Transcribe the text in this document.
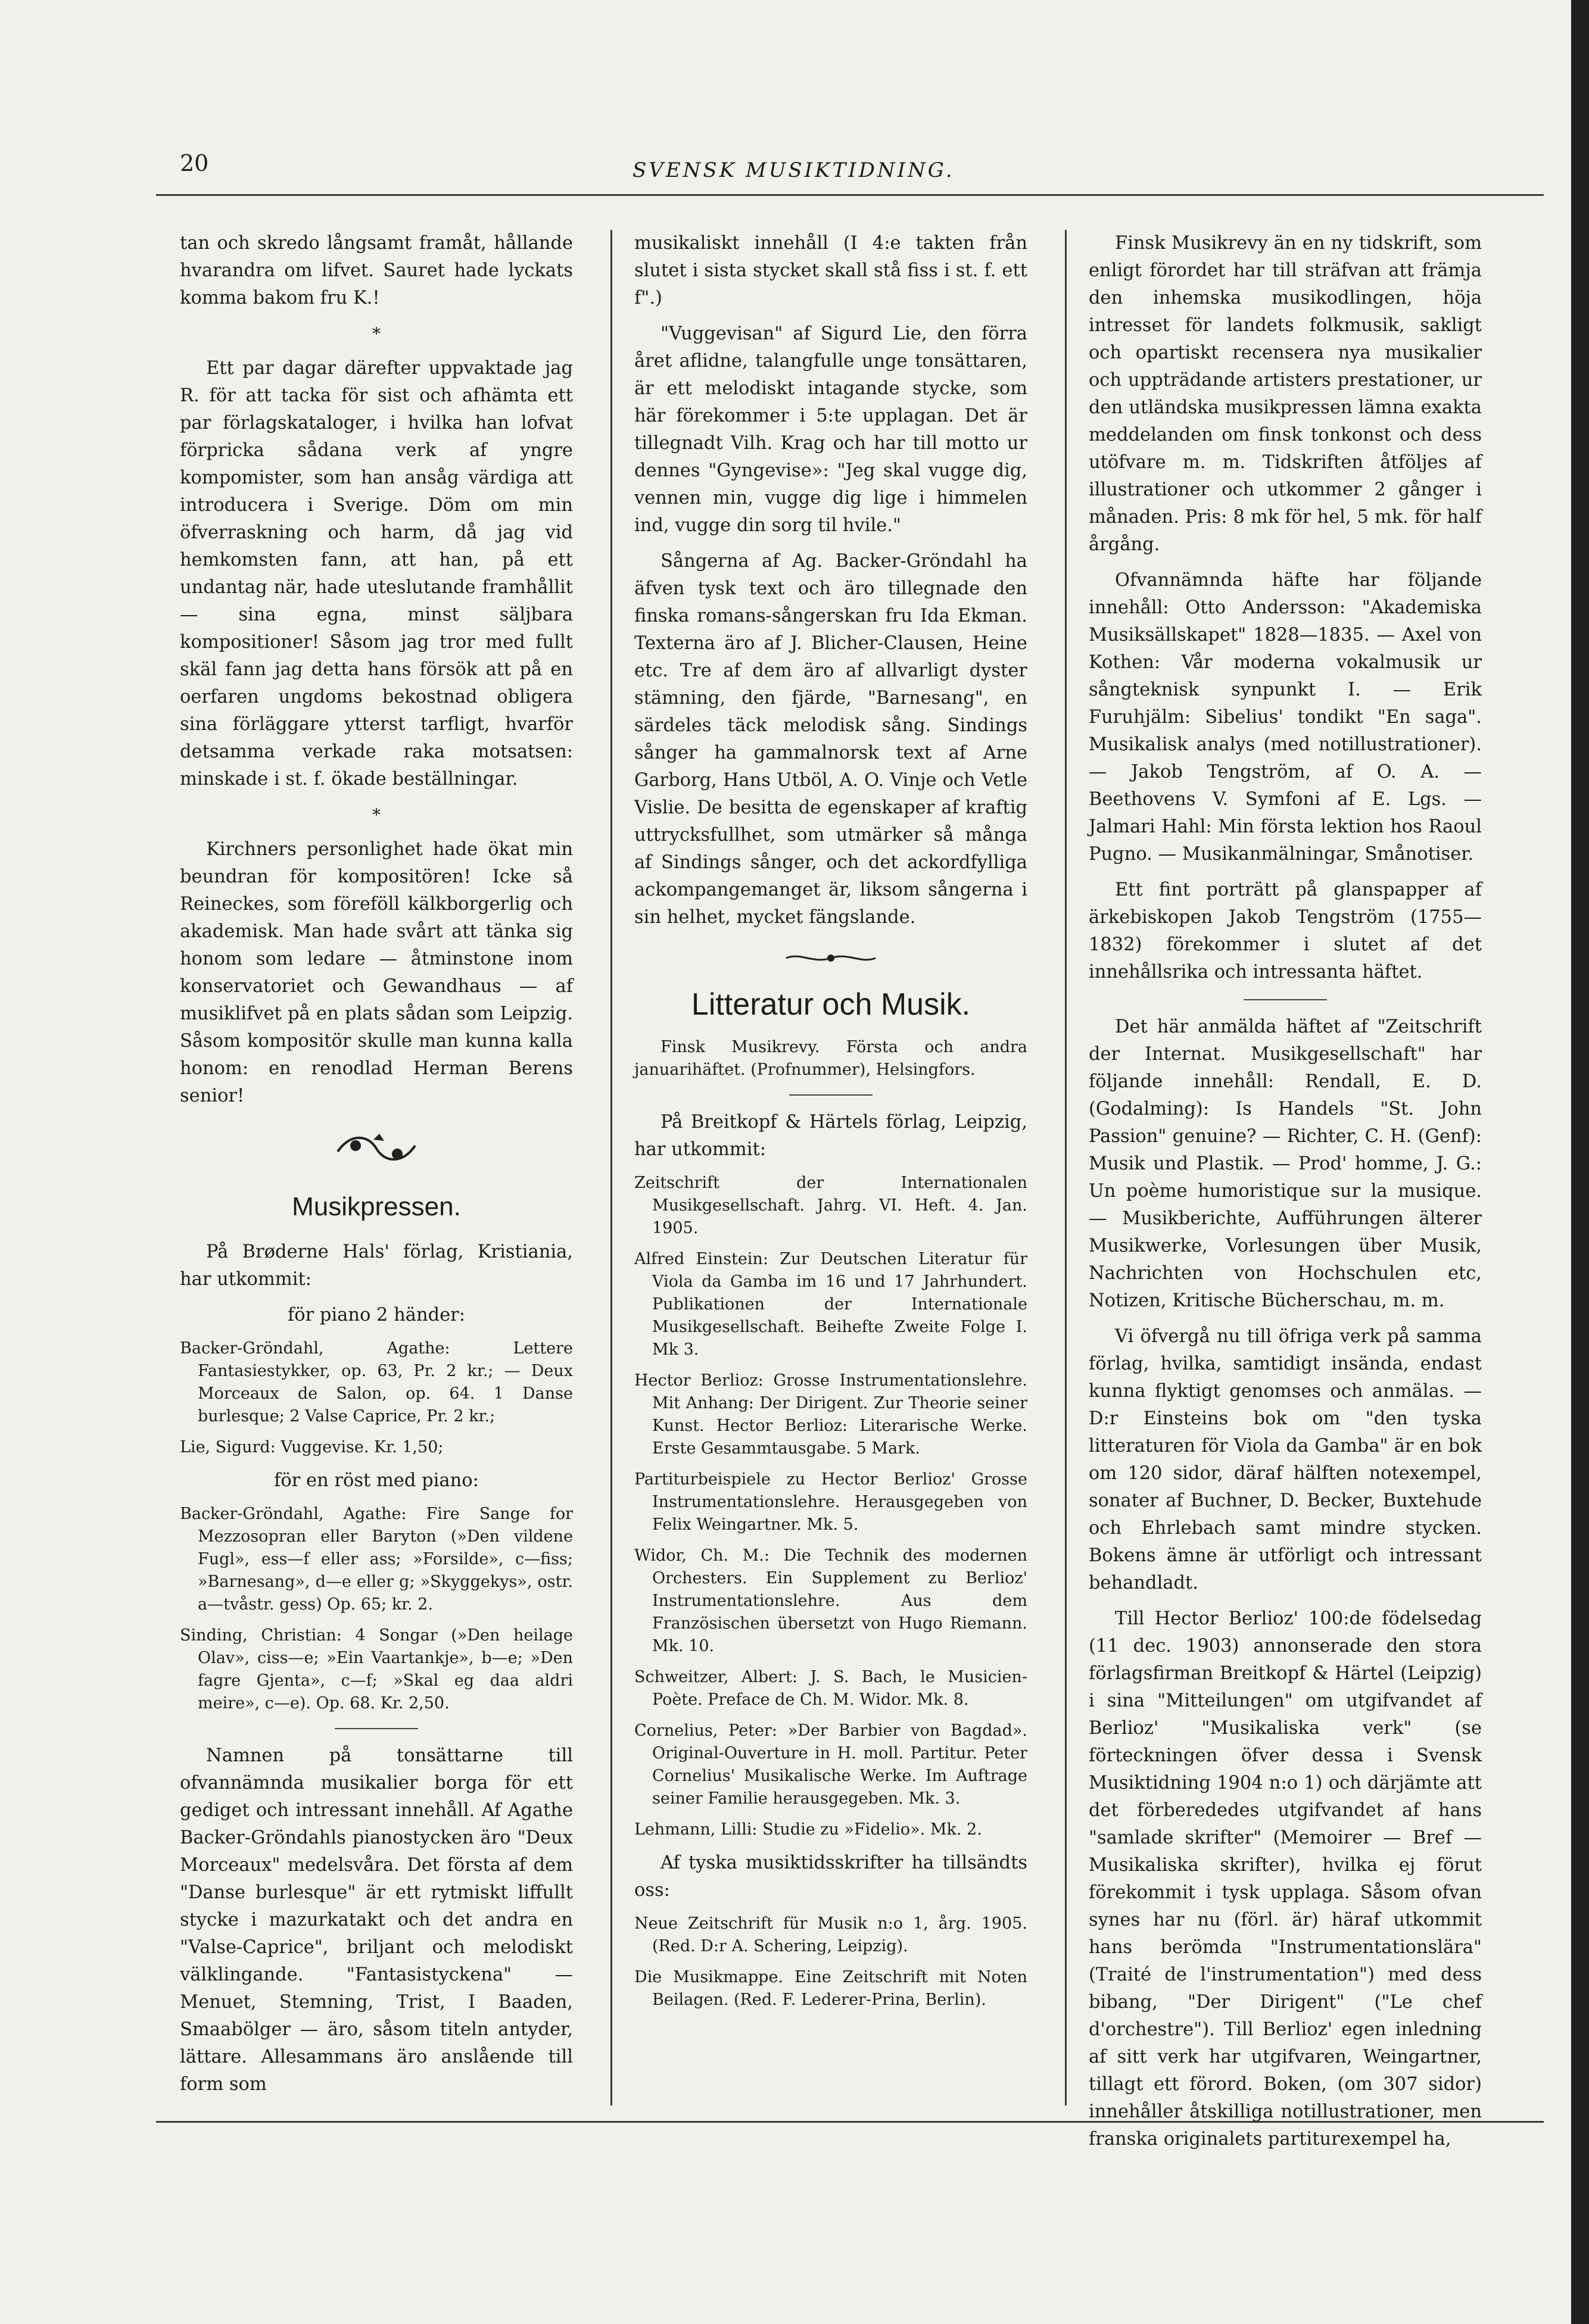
20	SVENSK MUSIKTIDNING.

tan och skredo långsamt framåt, hållande hvarandra om lifvet. Sauret hade lyckats komma bakom fru K.!

*

Ett par dagar därefter uppvaktade jag R. för att tacka för sist och afhämta ett par förlagskataloger, i hvilka han lofvat förpricka sådana verk af yngre kompomister, som han ansåg värdiga att introducera i Sverige. Döm om min öfverraskning och harm, då jag vid hemkomsten fann, att han, på ett undantag när, hade uteslutande framhållit — sina egna, minst säljbara kompositioner! Såsom jag tror med fullt skäl fann jag detta hans försök att på en oerfaren ungdoms bekostnad obligera sina förläggare ytterst tarfligt, hvarför detsamma verkade raka motsatsen: minskade i st. f. ökade beställningar.

*

Kirchners personlighet hade ökat min beundran för kompositören! Icke så Reineckes, som föreföll kälkborgerlig och akademisk. Man hade svårt att tänka sig honom som ledare — åtminstone inom konservatoriet och Gewandhaus — af musiklifvet på en plats sådan som Leipzig. Såsom kompositör skulle man kunna kalla honom: en renodlad Herman Berens senior!

Musikpressen.

På Brøderne Hals' förlag, Kristiania, har utkommit:

för piano 2 händer:

Backer-Gröndahl, Agathe: Lettere Fantasiestykker, op. 63, Pr. 2 kr.; — Deux Morceaux de Salon, op. 64. 1 Danse burlesque; 2 Valse Caprice, Pr. 2 kr.;

Lie, Sigurd: Vuggevise. Kr. 1,50;

för en röst med piano:

Backer-Gröndahl, Agathe: Fire Sange for Mezzosopran eller Baryton (»Den vildene Fugl», ess—f eller ass; »Forsilde», c—fiss; »Barnesang», d—e eller g; »Skyggekys», ostr. a—tvåstr. gess) Op. 65; kr. 2.

Sinding, Christian: 4 Songar (»Den heilage Olav», ciss—e; »Ein Vaartankje», b—e; »Den fagre Gjenta», c—f; »Skal eg daa aldri meire», c—e). Op. 68. Kr. 2,50.

Namnen på tonsättarne till ofvannämnda musikalier borga för ett gediget och intressant innehåll. Af Agathe Backer-Gröndahls pianostycken äro "Deux Morceaux" medelsvåra. Det första af dem "Danse burlesque" är ett rytmiskt liffullt stycke i mazurkatakt och det andra en "Valse-Caprice", briljant och melodiskt välklingande. "Fantasistyckena" — Menuet, Stemning, Trist, I Baaden, Smaabölger — äro, såsom titeln antyder, lättare. Allesammans äro anslående till form som

musikaliskt innehåll (I 4:e takten från slutet i sista stycket skall stå fiss i st. f. ett f".)

"Vuggevisan" af Sigurd Lie, den förra året aflidne, talangfulle unge tonsättaren, är ett melodiskt intagande stycke, som här förekommer i 5:te upplagan. Det är tillegnadt Vilh. Krag och har till motto ur dennes "Gyngevise»: "Jeg skal vugge dig, vennen min, vugge dig lige i himmelen ind, vugge din sorg til hvile."

Sångerna af Ag. Backer-Gröndahl ha äfven tysk text och äro tillegnade den finska romans-sångerskan fru Ida Ekman. Texterna äro af J. Blicher-Clausen, Heine etc. Tre af dem äro af allvarligt dyster stämning, den fjärde, "Barnesang", en särdeles täck melodisk sång. Sindings sånger ha gammalnorsk text af Arne Garborg, Hans Utböl, A. O. Vinje och Vetle Vislie. De besitta de egenskaper af kraftig uttrycksfullhet, som utmärker så många af Sindings sånger, och det ackordfylliga ackompangemanget är, liksom sångerna i sin helhet, mycket fängslande.

Litteratur och Musik.

Finsk Musikrevy. Första och andra januarihäftet. (Profnummer), Helsingfors.

På Breitkopf & Härtels förlag, Leipzig, har utkommit:

Zeitschrift der Internationalen Musikgesellschaft. Jahrg. VI. Heft. 4. Jan. 1905.

Alfred Einstein: Zur Deutschen Literatur für Viola da Gamba im 16 und 17 Jahrhundert. Publikationen der Internationale Musikgesellschaft. Beihefte Zweite Folge I. Mk 3.

Hector Berlioz: Grosse Instrumentationslehre. Mit Anhang: Der Dirigent. Zur Theorie seiner Kunst. Hector Berlioz: Literarische Werke. Erste Gesammtausgabe. 5 Mark.

Partiturbeispiele zu Hector Berlioz' Grosse Instrumentationslehre. Herausgegeben von Felix Weingartner. Mk. 5.

Widor, Ch. M.: Die Technik des modernen Orchesters. Ein Supplement zu Berlioz' Instrumentationslehre. Aus dem Französischen übersetzt von Hugo Riemann. Mk. 10.

Schweitzer, Albert: J. S. Bach, le Musicien-Poète. Preface de Ch. M. Widor. Mk. 8.

Cornelius, Peter: »Der Barbier von Bagdad». Original-Ouverture in H. moll. Partitur. Peter Cornelius' Musikalische Werke. Im Auftrage seiner Familie herausgegeben. Mk. 3.

Lehmann, Lilli: Studie zu »Fidelio». Mk. 2.

Af tyska musiktidsskrifter ha tillsändts oss:

Neue Zeitschrift für Musik n:o 1, årg. 1905. (Red. D:r A. Schering, Leipzig).

Die Musikmappe. Eine Zeitschrift mit Noten Beilagen. (Red. F. Lederer-Prina, Berlin).

Finsk Musikrevy än en ny tidskrift, som enligt förordet har till sträfvan att främja den inhemska musikodlingen, höja intresset för landets folkmusik, sakligt och opartiskt recensera nya musikalier och uppträdande artisters prestationer, ur den utländska musikpressen lämna exakta meddelanden om finsk tonkonst och dess utöfvare m. m. Tidskriften åtföljes af illustrationer och utkommer 2 gånger i månaden. Pris: 8 mk för hel, 5 mk. för half årgång.

Ofvannämnda häfte har följande innehåll: Otto Andersson: "Akademiska Musiksällskapet" 1828—1835. — Axel von Kothen: Vår moderna vokalmusik ur sångteknisk synpunkt I. — Erik Furuhjälm: Sibelius' tondikt "En saga". Musikalisk analys (med notillustrationer). — Jakob Tengström, af O. A. — Beethovens V. Symfoni af E. Lgs. — Jalmari Hahl: Min första lektion hos Raoul Pugno. — Musikanmälningar, Smånotiser.

Ett fint porträtt på glanspapper af ärkebiskopen Jakob Tengström (1755—1832) förekommer i slutet af det innehållsrika och intressanta häftet.

Det här anmälda häftet af "Zeitschrift der Internat. Musikgesellschaft" har följande innehåll: Rendall, E. D. (Godalming): Is Handels "St. John Passion" genuine? — Richter, C. H. (Genf): Musik und Plastik. — Prod' homme, J. G.: Un poème humoristique sur la musique. — Musikberichte, Aufführungen älterer Musikwerke, Vorlesungen über Musik, Nachrichten von Hochschulen etc, Notizen, Kritische Bücherschau, m. m.

Vi öfvergå nu till öfriga verk på samma förlag, hvilka, samtidigt insända, endast kunna flyktigt genomses och anmälas. — D:r Einsteins bok om "den tyska litteraturen för Viola da Gamba" är en bok om 120 sidor, däraf hälften notexempel, sonater af Buchner, D. Becker, Buxtehude och Ehrlebach samt mindre stycken. Bokens ämne är utförligt och intressant behandladt.

Till Hector Berlioz' 100:de födelsedag (11 dec. 1903) annonserade den stora förlagsfirman Breitkopf & Härtel (Leipzig) i sina "Mitteilungen" om utgifvandet af Berlioz' "Musikaliska verk" (se förteckningen öfver dessa i Svensk Musiktidning 1904 n:o 1) och därjämte att det förberededes utgifvandet af hans "samlade skrifter" (Memoirer — Bref — Musikaliska skrifter), hvilka ej förut förekommit i tysk upplaga. Såsom ofvan synes har nu (förl. är) häraf utkommit hans berömda "Instrumentationslära" (Traité de l'instrumentation") med dess bibang, "Der Dirigent" ("Le chef d'orchestre"). Till Berlioz' egen inledning af sitt verk har utgifvaren, Weingartner, tillagt ett förord. Boken, (om 307 sidor) innehåller åtskilliga notillustrationer, men franska originalets partiturexempel ha,
